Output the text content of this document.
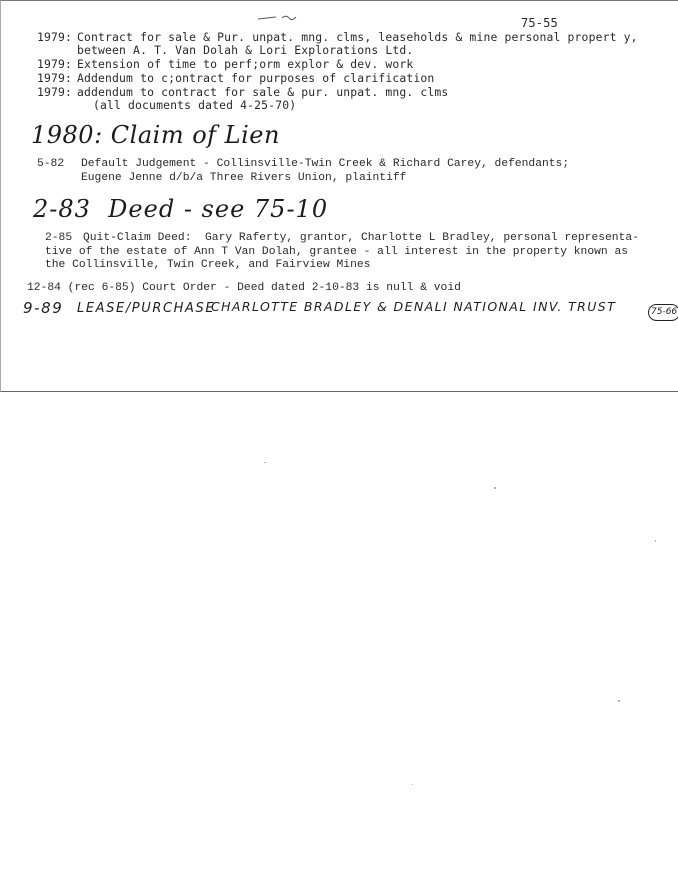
75-55
1979: Contract for sale & Pur. unpat. mng. clms, leaseholds & mine personal propert y,
between A. T. Van Dolah & Lori Explorations Ltd.
1979: Extension of time to perf;orm explor & dev. work
1979: Addendum to c;ontract for purposes of clarification
1979: addendum to contract for sale & pur. unpat. mng. clms
(all documents dated 4-25-70)
1980: Claim of Lien
5-82 Default Judgement - Collinsville-Twin Creek & Richard Carey, defendants;
Eugene Jenne d/b/a Three Rivers Union, plaintiff
2-83  Deed - see 75-10
2-85 Quit-Claim Deed:  Gary Raferty, grantor, Charlotte L Bradley, personal representa-
tive of the estate of Ann T Van Dolah, grantee - all interest in the property known as
the Collinsville, Twin Creek, and Fairview Mines
12-84 (rec 6-85) Court Order - Deed dated 2-10-83 is null & void
9-89 LEASE/PURCHASE
CHARLOTTE BRADLEY & DENALI NATIONAL INV. TRUST	75-66
